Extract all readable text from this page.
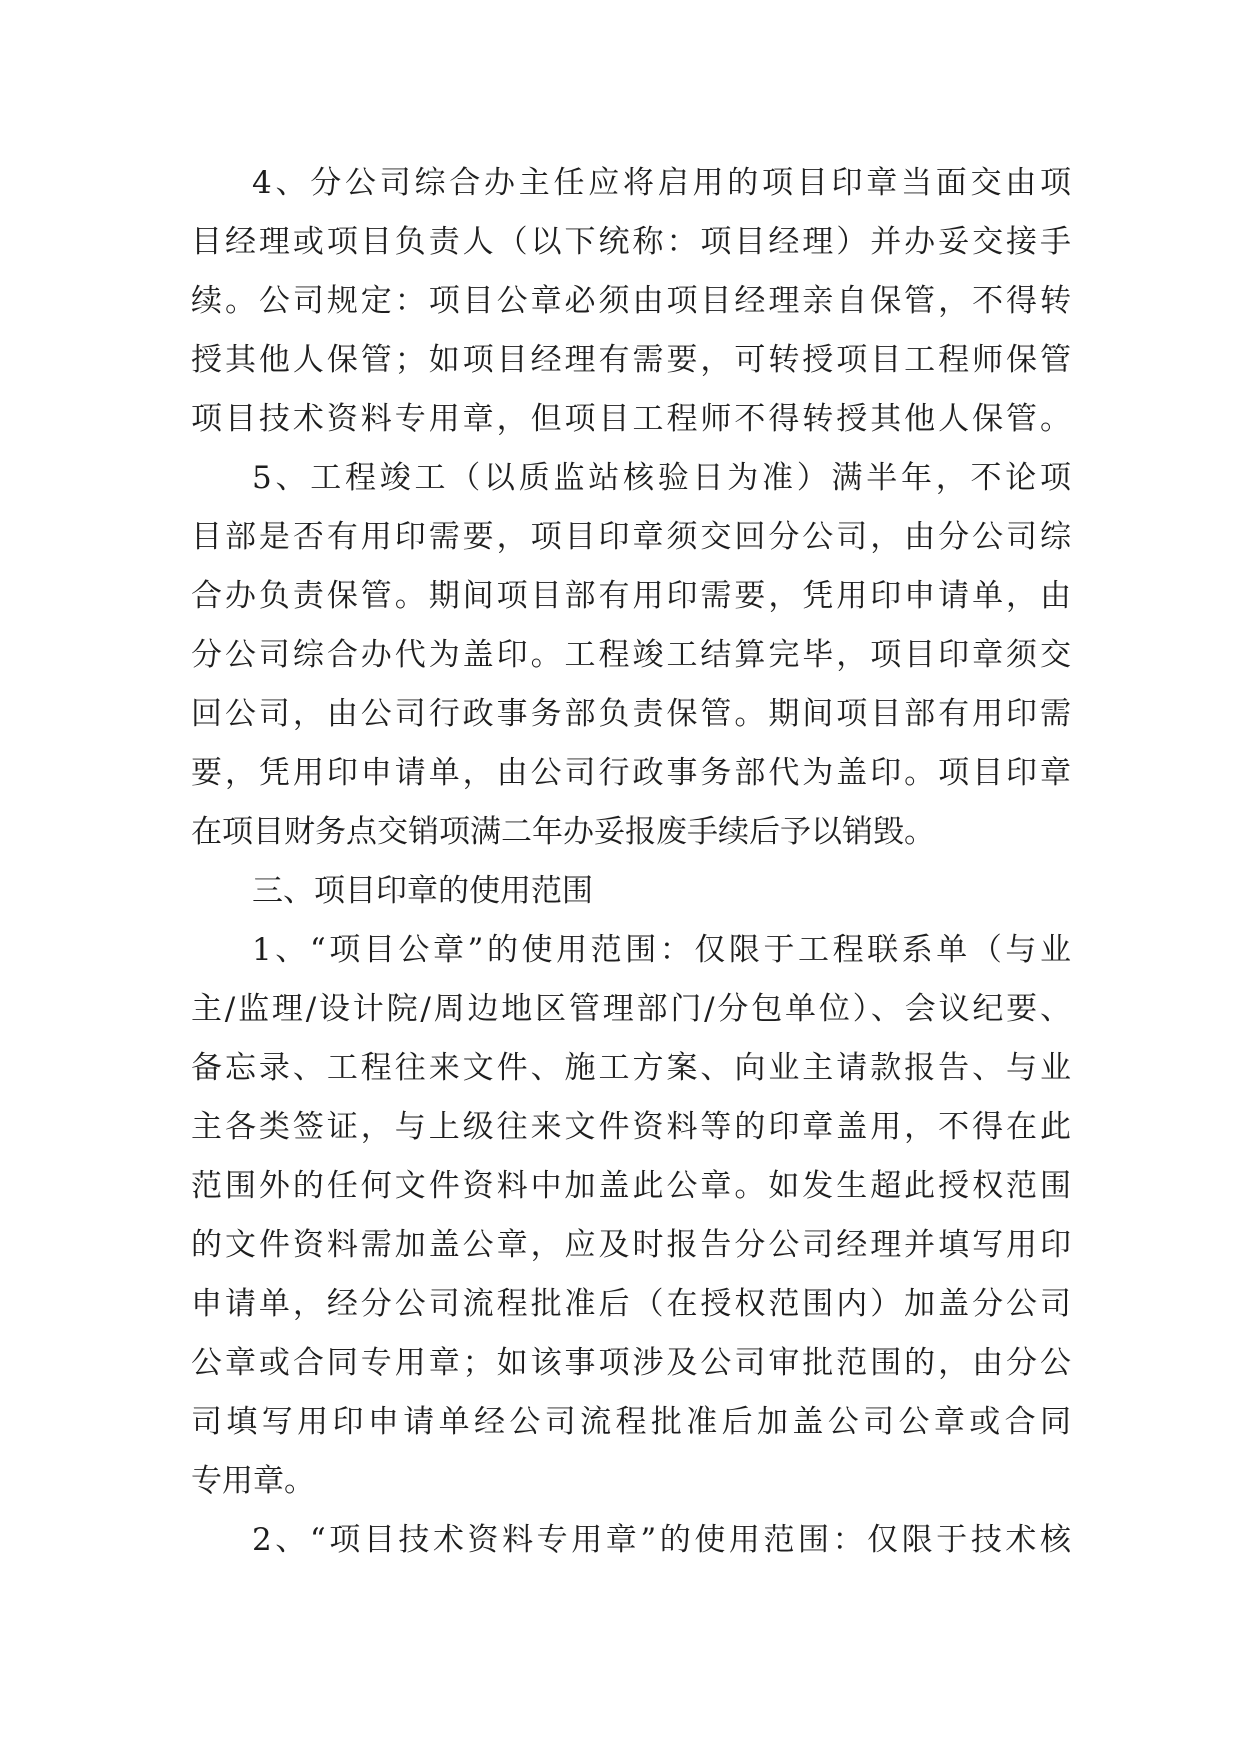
4、分公司综合办主任应将启用的项目印章当面交由项
目经理或项目负责人（以下统称：项目经理）并办妥交接手
续。公司规定：项目公章必须由项目经理亲自保管，不得转
授其他人保管；如项目经理有需要，可转授项目工程师保管
项目技术资料专用章，但项目工程师不得转授其他人保管。
5、工程竣工（以质监站核验日为准）满半年，不论项
目部是否有用印需要，项目印章须交回分公司，由分公司综
合办负责保管。期间项目部有用印需要，凭用印申请单，由
分公司综合办代为盖印。工程竣工结算完毕，项目印章须交
回公司，由公司行政事务部负责保管。期间项目部有用印需
要，凭用印申请单，由公司行政事务部代为盖印。项目印章
在项目财务点交销项满二年办妥报废手续后予以销毁。
三、项目印章的使用范围
1、“项目公章”的使用范围：仅限于工程联系单（与业
主/监理/设计院/周边地区管理部门/分包单位）、会议纪要、
备忘录、工程往来文件、施工方案、向业主请款报告、与业
主各类签证，与上级往来文件资料等的印章盖用，不得在此
范围外的任何文件资料中加盖此公章。如发生超此授权范围
的文件资料需加盖公章，应及时报告分公司经理并填写用印
申请单，经分公司流程批准后（在授权范围内）加盖分公司
公章或合同专用章；如该事项涉及公司审批范围的，由分公
司填写用印申请单经公司流程批准后加盖公司公章或合同
专用章。
2、“项目技术资料专用章”的使用范围：仅限于技术核
